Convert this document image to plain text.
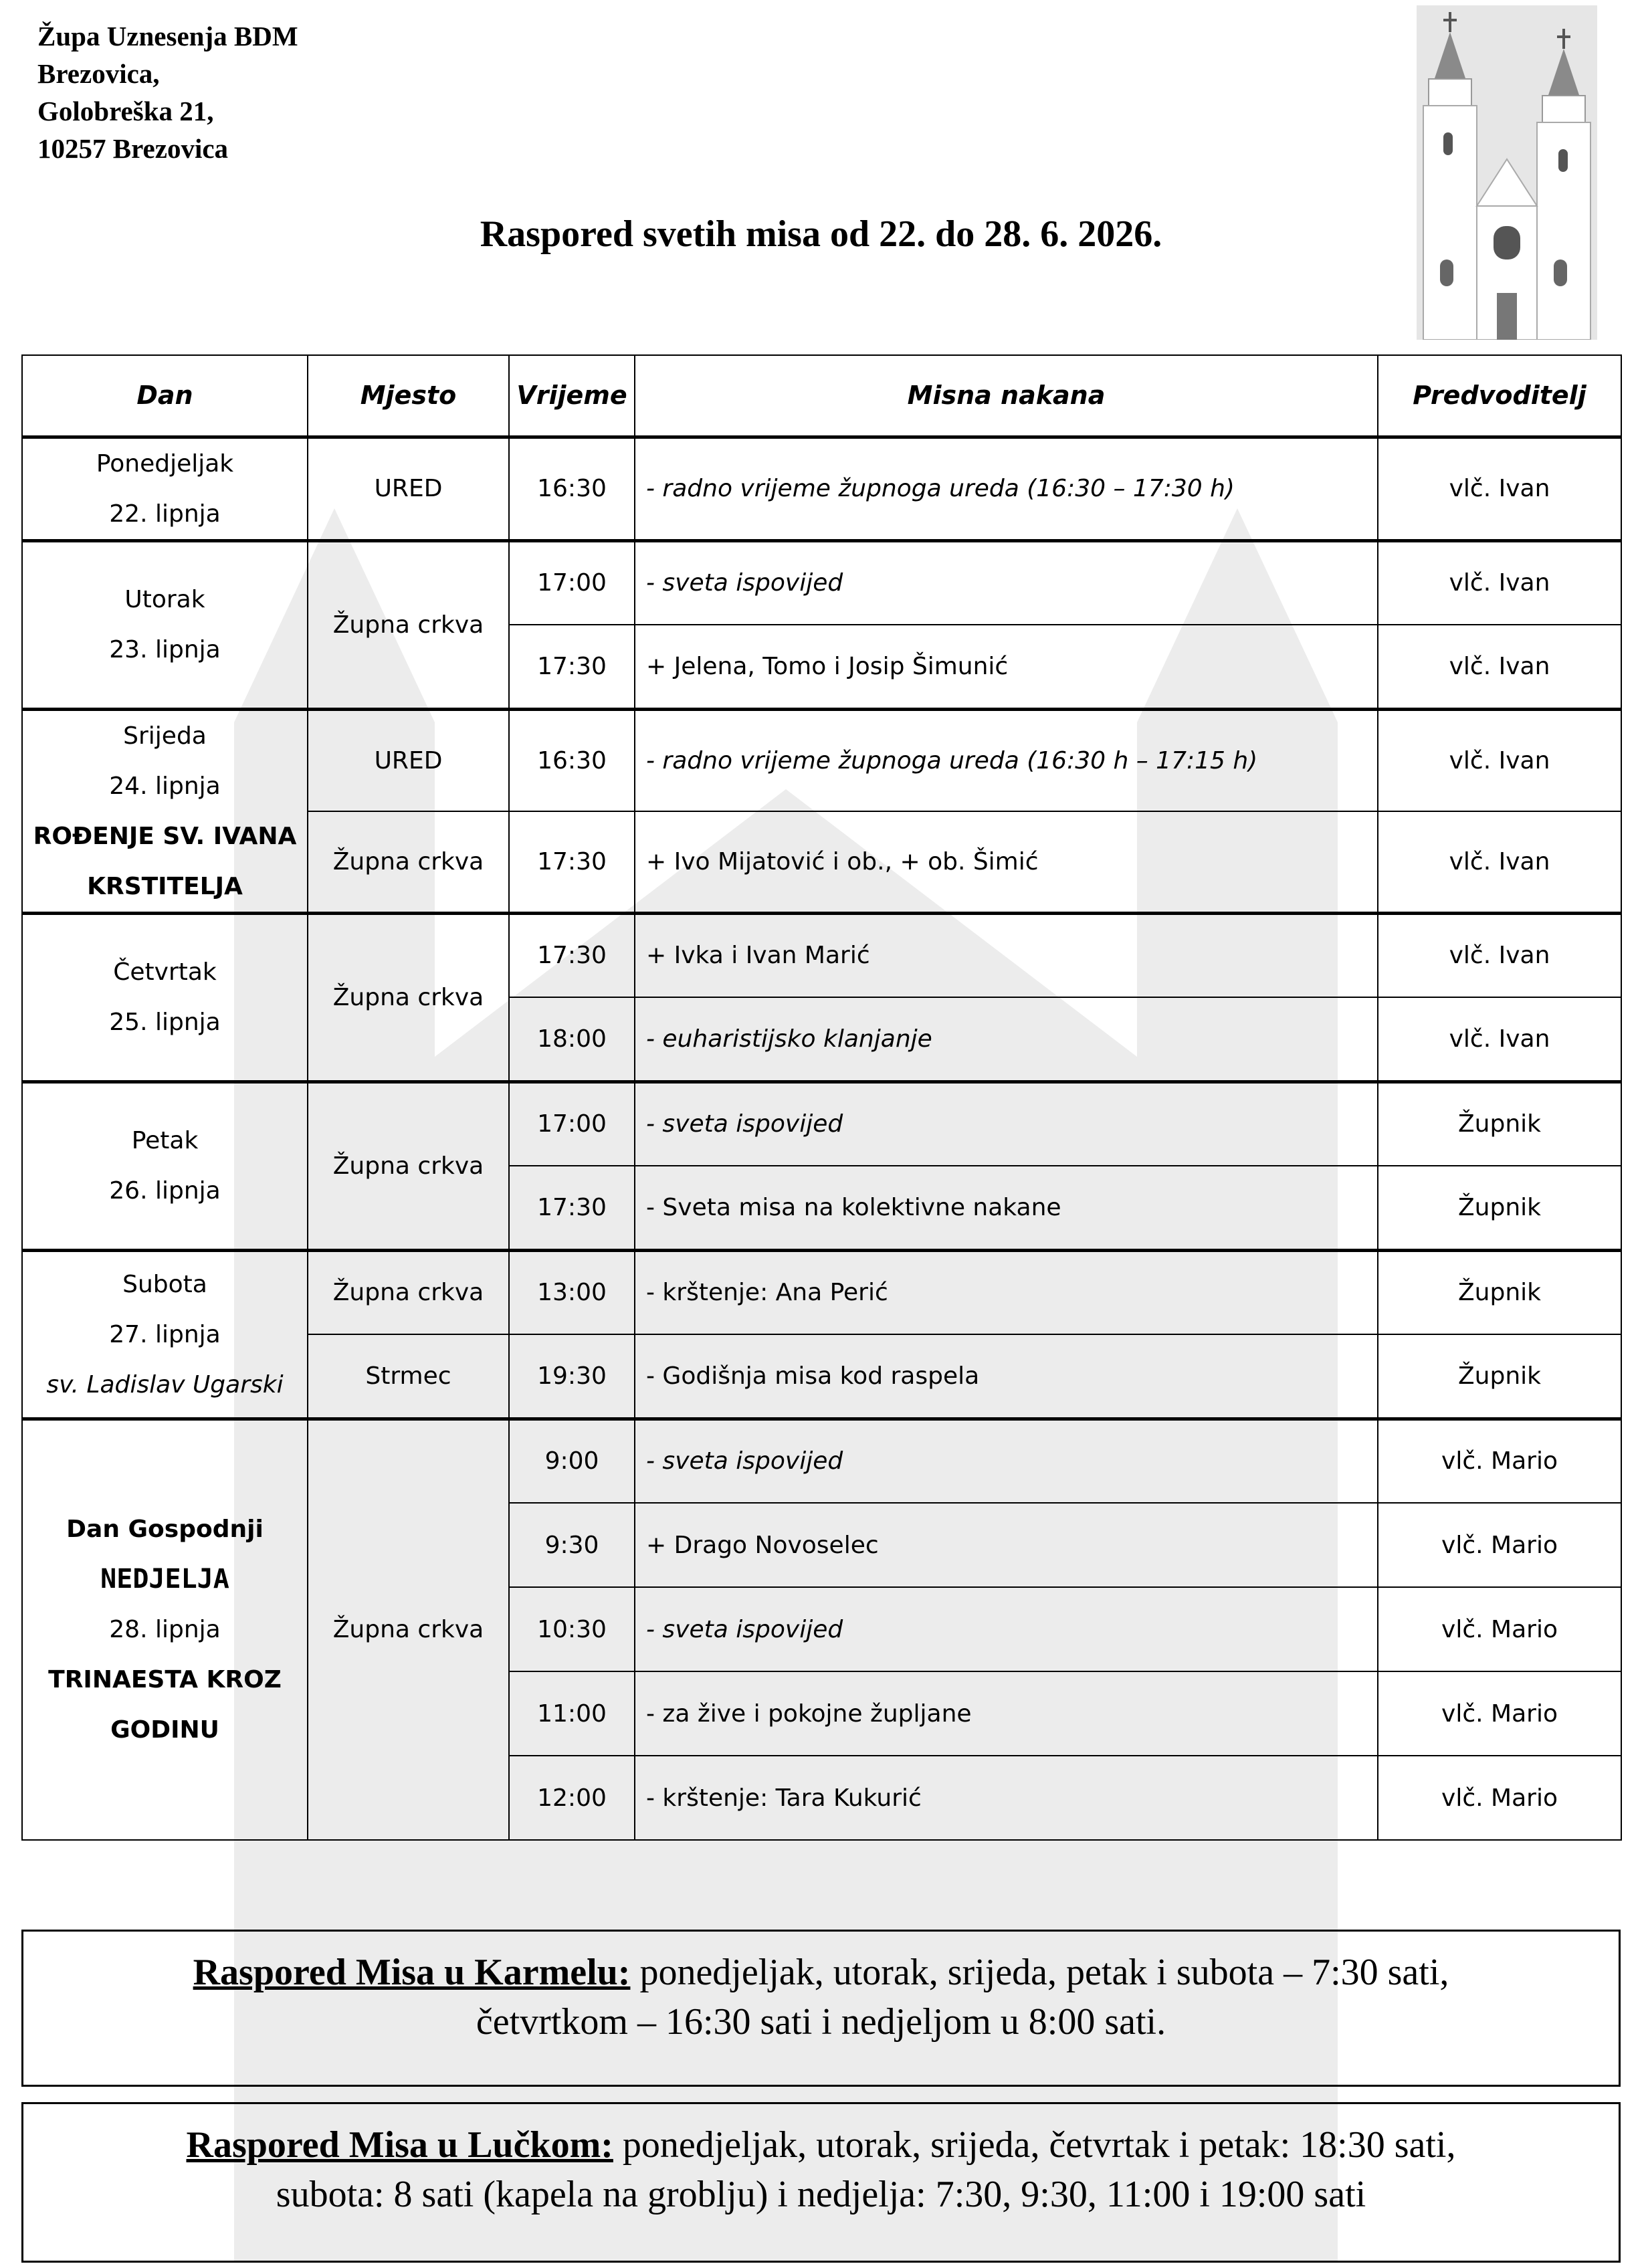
Župa Uznesenja BDM
Brezovica,
Golobreška 21,
10257 Brezovica
Raspored svetih misa od 22. do 28. 6. 2026.
Dan	Mjesto	Vrijeme	Misna nakana	Predvoditelj

Ponedjeljak
22. lipnja	URED	16:30	- radno vrijeme župnoga ureda (16:30 – 17:30 h)	vlč. Ivan

Utorak
23. lipnja	Župna crkva	17:00	- sveta ispovijed	vlč. Ivan
		17:30	+ Jelena, Tomo i Josip Šimunić	vlč. Ivan

Srijeda
24. lipnja
ROĐENJE SV. IVANA
KRSTITELJA	URED	16:30	- radno vrijeme župnoga ureda (16:30 h – 17:15 h)	vlč. Ivan
	Župna crkva	17:30	+ Ivo Mijatović i ob., + ob. Šimić	vlč. Ivan

Četvrtak
25. lipnja	Župna crkva	17:30	+ Ivka i Ivan Marić	vlč. Ivan
		18:00	- euharistijsko klanjanje	vlč. Ivan

Petak
26. lipnja	Župna crkva	17:00	- sveta ispovijed	Župnik
		17:30	- Sveta misa na kolektivne nakane	Župnik

Subota
27. lipnja
sv. Ladislav Ugarski	Župna crkva	13:00	- krštenje: Ana Perić	Župnik
	Strmec	19:30	- Godišnja misa kod raspela	Župnik

Dan Gospodnji
NEDJELJA
28. lipnja
TRINAESTA KROZ
GODINU	Župna crkva	9:00	- sveta ispovijed	vlč. Mario
		9:30	+ Drago Novoselec	vlč. Mario
		10:30	- sveta ispovijed	vlč. Mario
		11:00	- za žive i pokojne župljane	vlč. Mario
		12:00	- krštenje: Tara Kukurić	vlč. Mario
Raspored Misa u Karmelu: ponedjeljak, utorak, srijeda, petak i subota – 7:30 sati,
četvrtkom – 16:30 sati i nedjeljom u 8:00 sati.
Raspored Misa u Lučkom: ponedjeljak, utorak, srijeda, četvrtak i petak: 18:30 sati,
subota: 8 sati (kapela na groblju) i nedjelja: 7:30, 9:30, 11:00 i 19:00 sati
